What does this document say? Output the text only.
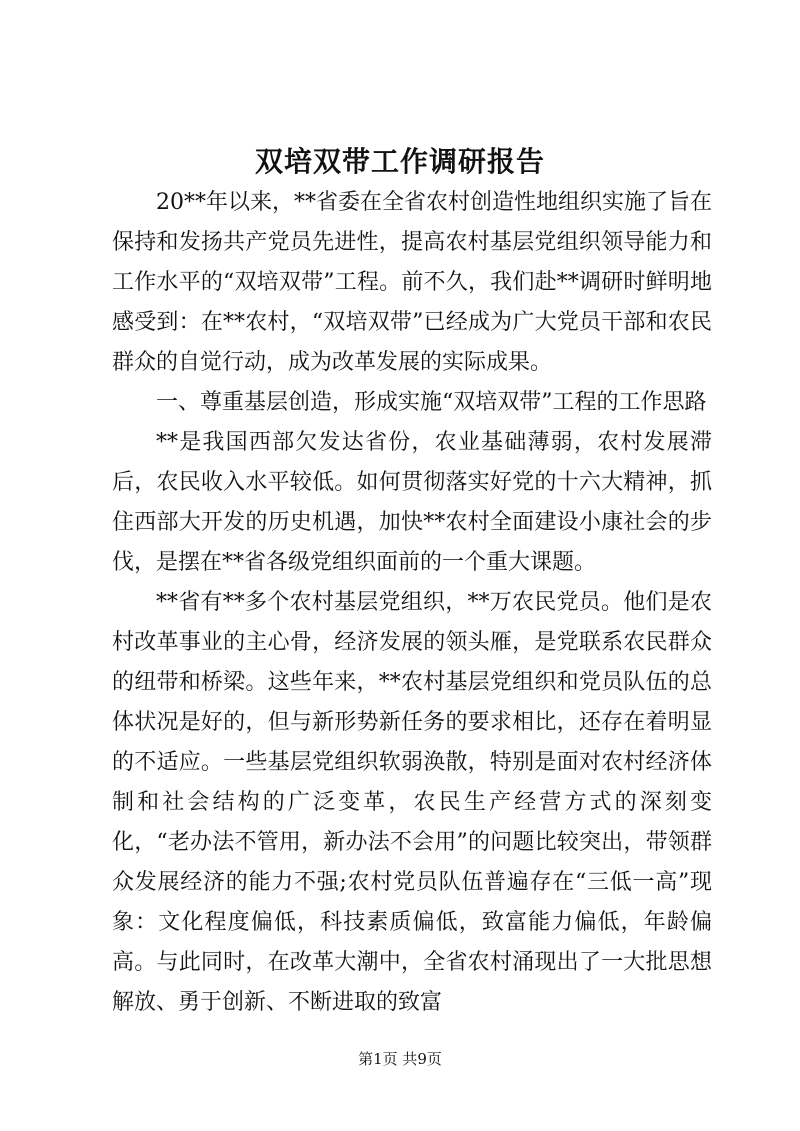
双培双带工作调研报告

20**年以来，**省委在全省农村创造性地组织实施了旨在保持和发扬共产党员先进性，提高农村基层党组织领导能力和工作水平的“双培双带”工程。前不久，我们赴**调研时鲜明地感受到：在**农村，“双培双带”已经成为广大党员干部和农民群众的自觉行动，成为改革发展的实际成果。

一、尊重基层创造，形成实施“双培双带”工程的工作思路

**是我国西部欠发达省份，农业基础薄弱，农村发展滞后，农民收入水平较低。如何贯彻落实好党的十六大精神，抓住西部大开发的历史机遇，加快**农村全面建设小康社会的步伐，是摆在**省各级党组织面前的一个重大课题。

**省有**多个农村基层党组织，**万农民党员。他们是农村改革事业的主心骨，经济发展的领头雁，是党联系农民群众的纽带和桥梁。这些年来，**农村基层党组织和党员队伍的总体状况是好的，但与新形势新任务的要求相比，还存在着明显的不适应。一些基层党组织软弱涣散，特别是面对农村经济体制和社会结构的广泛变革，农民生产经营方式的深刻变化，“老办法不管用，新办法不会用”的问题比较突出，带领群众发展经济的能力不强;农村党员队伍普遍存在“三低一高”现象：文化程度偏低，科技素质偏低，致富能力偏低，年龄偏高。与此同时，在改革大潮中，全省农村涌现出了一大批思想解放、勇于创新、不断进取的致富

第1页 共9页
